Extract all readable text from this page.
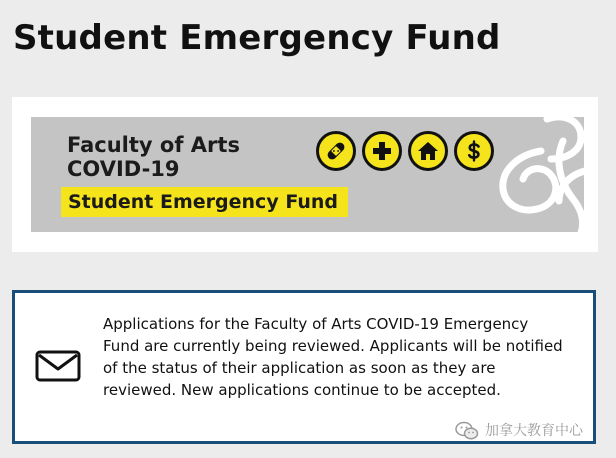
Student Emergency Fund

Faculty of Arts

COVID-19

Student Emergency Fund

Applications for the Faculty of Arts COVID-19 Emergency Fund are currently being reviewed. Applicants will be notified of the status of their application as soon as they are reviewed. New applications continue to be accepted.

加拿大教育中心
